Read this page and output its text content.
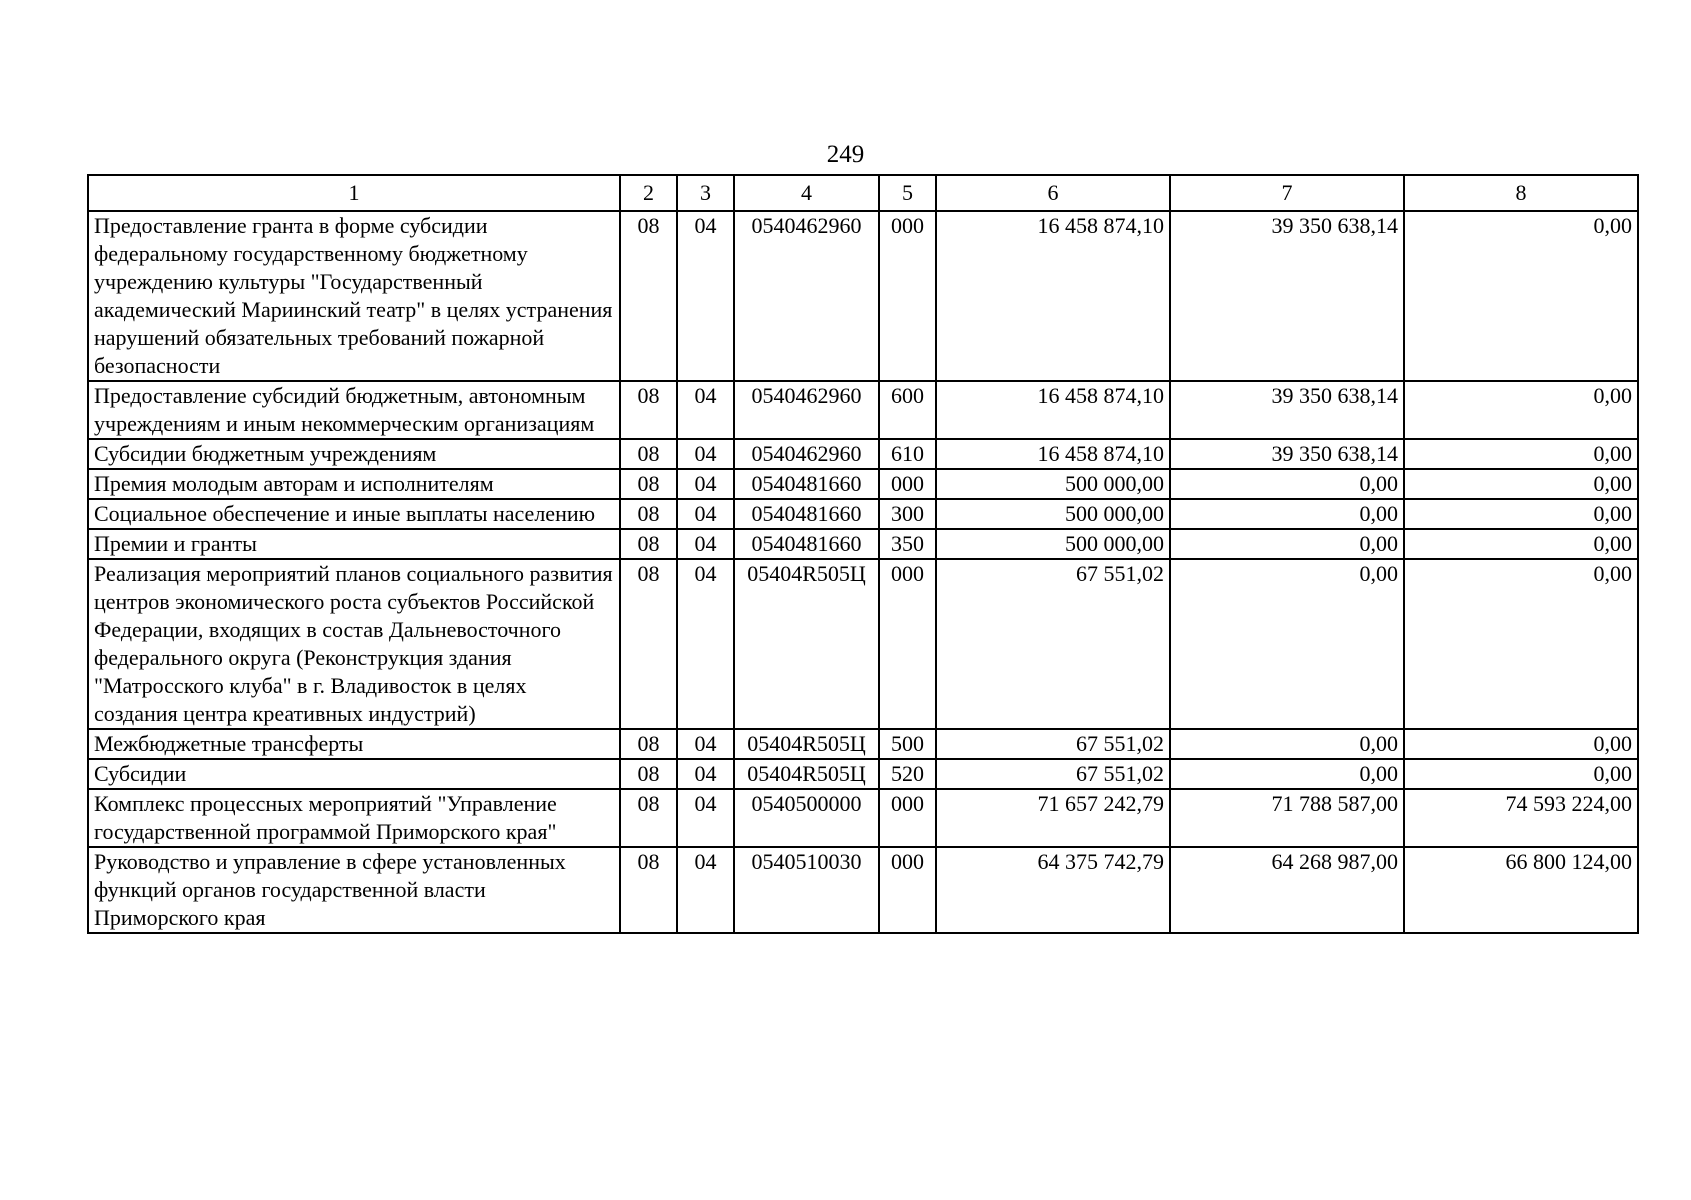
249
1	2	3	4	5	6	7	8
Предоставление гранта в форме субсидии федеральному государственному бюджетному учреждению культуры "Государственный академический Мариинский театр" в целях устранения нарушений обязательных требований пожарной безопасности	08	04	0540462960	000	16 458 874,10	39 350 638,14	0,00
Предоставление субсидий бюджетным, автономным учреждениям и иным некоммерческим организациям	08	04	0540462960	600	16 458 874,10	39 350 638,14	0,00
Субсидии бюджетным учреждениям	08	04	0540462960	610	16 458 874,10	39 350 638,14	0,00
Премия молодым авторам и исполнителям	08	04	0540481660	000	500 000,00	0,00	0,00
Социальное обеспечение и иные выплаты населению	08	04	0540481660	300	500 000,00	0,00	0,00
Премии и гранты	08	04	0540481660	350	500 000,00	0,00	0,00
Реализация мероприятий планов социального развития центров экономического роста субъектов Российской Федерации, входящих в состав Дальневосточного федерального округа (Реконструкция здания "Матросского клуба" в г. Владивосток в целях создания центра креативных индустрий)	08	04	05404R505Ц	000	67 551,02	0,00	0,00
Межбюджетные трансферты	08	04	05404R505Ц	500	67 551,02	0,00	0,00
Субсидии	08	04	05404R505Ц	520	67 551,02	0,00	0,00
Комплекс процессных мероприятий "Управление государственной программой Приморского края"	08	04	0540500000	000	71 657 242,79	71 788 587,00	74 593 224,00
Руководство и управление в сфере установленных функций органов государственной власти Приморского края	08	04	0540510030	000	64 375 742,79	64 268 987,00	66 800 124,00
